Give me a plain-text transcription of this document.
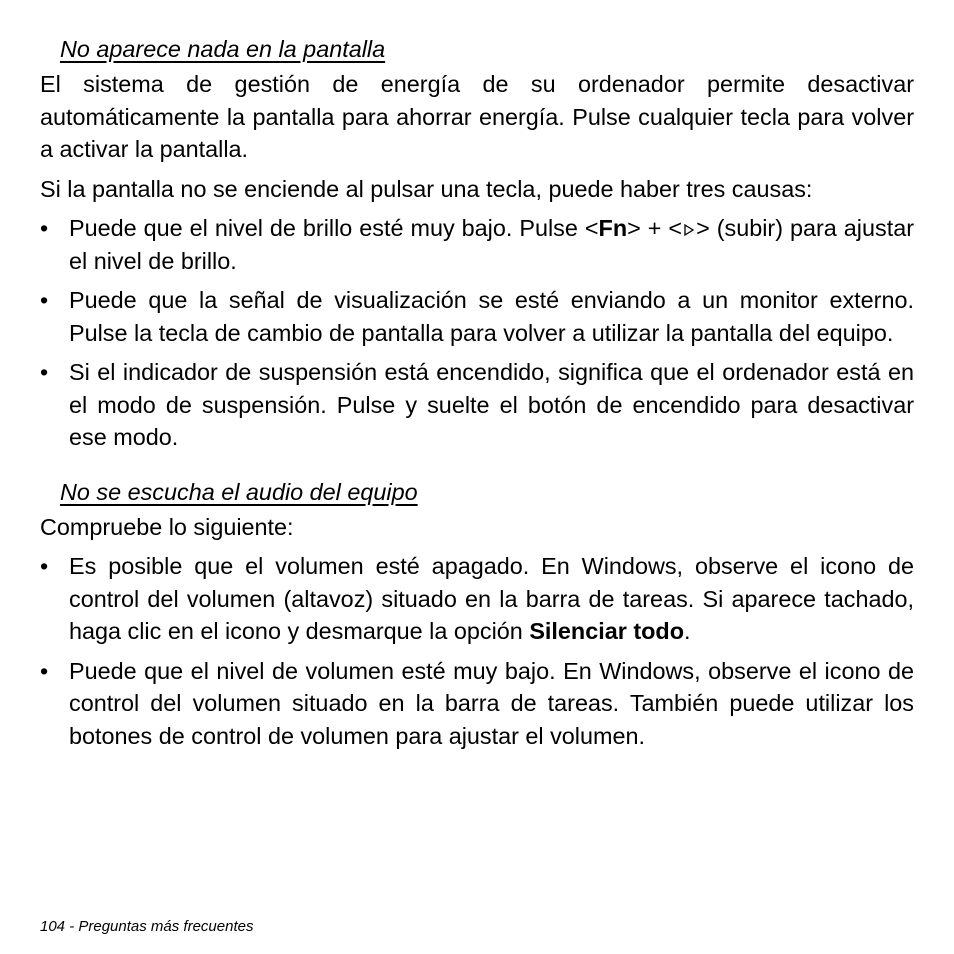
No aparece nada en la pantalla

El sistema de gestión de energía de su ordenador permite desactivar automáticamente la pantalla para ahorrar energía. Pulse cualquier tecla para volver a activar la pantalla.

Si la pantalla no se enciende al pulsar una tecla, puede haber tres causas:

• Puede que el nivel de brillo esté muy bajo. Pulse <Fn> + < > (subir) para ajustar el nivel de brillo.
• Puede que la señal de visualización se esté enviando a un monitor externo. Pulse la tecla de cambio de pantalla para volver a utilizar la pantalla del equipo.
• Si el indicador de suspensión está encendido, significa que el ordenador está en el modo de suspensión. Pulse y suelte el botón de encendido para desactivar ese modo.
No se escucha el audio del equipo

Compruebe lo siguiente:

• Es posible que el volumen esté apagado. En Windows, observe el icono de control del volumen (altavoz) situado en la barra de tareas. Si aparece tachado, haga clic en el icono y desmarque la opción Silenciar todo.
• Puede que el nivel de volumen esté muy bajo. En Windows, observe el icono de control del volumen situado en la barra de tareas. También puede utilizar los botones de control de volumen para ajustar el volumen.
104 - Preguntas más frecuentes
